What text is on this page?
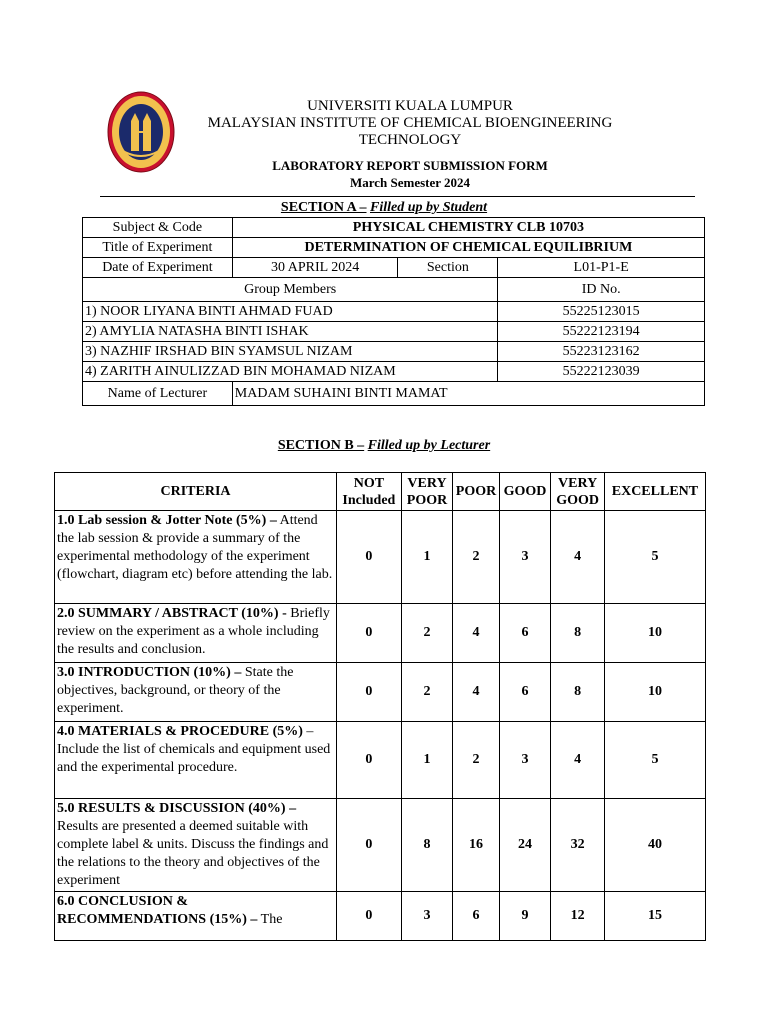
UNIVERSITI KUALA LUMPUR
MALAYSIAN INSTITUTE OF CHEMICAL BIOENGINEERING
TECHNOLOGY
LABORATORY REPORT SUBMISSION FORM
March Semester 2024
SECTION A – Filled up by Student
Subject & Code	PHYSICAL CHEMISTRY CLB 10703		
Title of Experiment	DETERMINATION OF CHEMICAL EQUILIBRIUM		
Date of Experiment	30 APRIL 2024	Section	L01-P1-E
Group Members			ID No.
1) NOOR LIYANA BINTI AHMAD FUAD			55225123015
2) AMYLIA NATASHA BINTI ISHAK			55222123194
3) NAZHIF IRSHAD BIN SYAMSUL NIZAM			55223123162
4) ZARITH AINULIZZAD BIN MOHAMAD NIZAM			55222123039
Name of Lecturer	MADAM SUHAINI BINTI MAMAT		
SECTION B – Filled up by Lecturer
CRITERIA	NOT Included	VERY POOR	POOR	GOOD	VERY GOOD	EXCELLENT
1.0 Lab session & Jotter Note (5%) – Attend the lab session & provide a summary of the experimental methodology of the experiment (flowchart, diagram etc) before attending the lab.	0	1	2	3	4	5
2.0 SUMMARY / ABSTRACT (10%) - Briefly review on the experiment as a whole including the results and conclusion.	0	2	4	6	8	10
3.0 INTRODUCTION (10%) – State the objectives, background, or theory of the experiment.	0	2	4	6	8	10
4.0 MATERIALS & PROCEDURE (5%) – Include the list of chemicals and equipment used and the experimental procedure.	0	1	2	3	4	5
5.0 RESULTS & DISCUSSION (40%) – Results are presented a deemed suitable with complete label & units. Discuss the findings and the relations to the theory and objectives of the experiment	0	8	16	24	32	40
6.0 CONCLUSION & RECOMMENDATIONS (15%) – The	0	3	6	9	12	15
